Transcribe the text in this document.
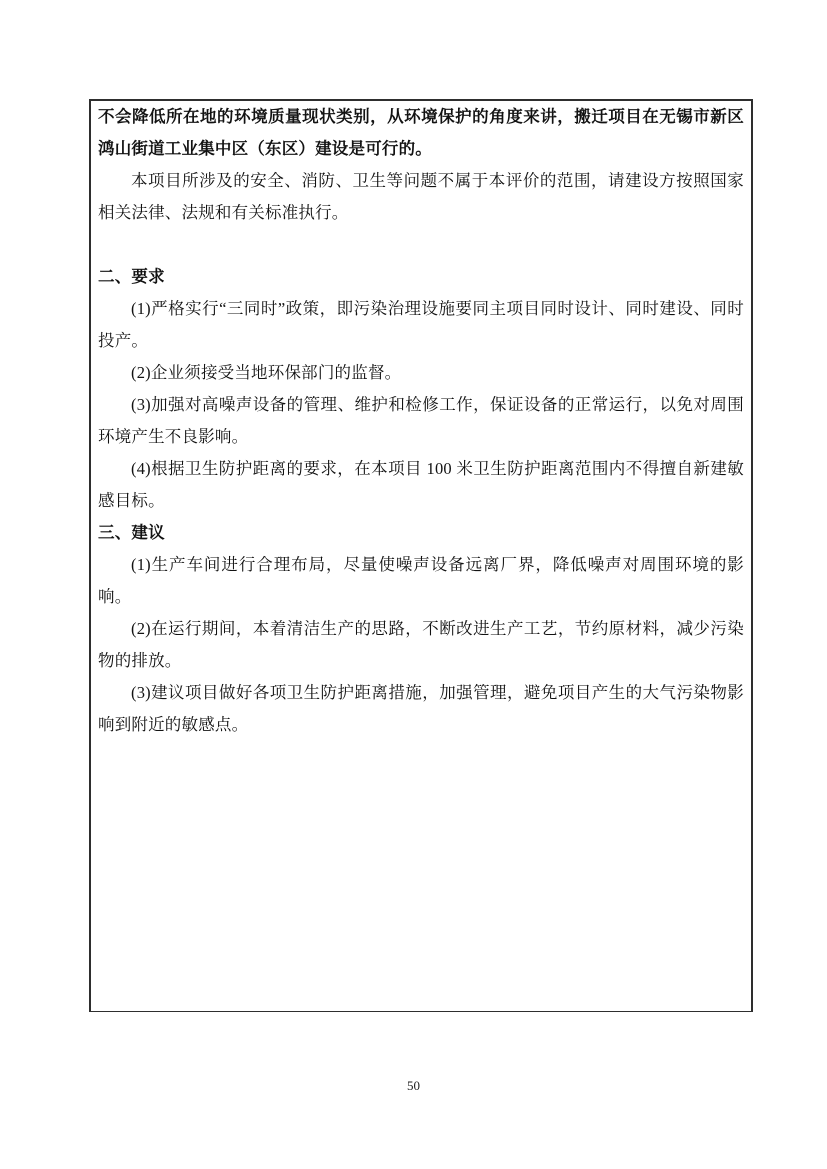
不会降低所在地的环境质量现状类别，从环境保护的角度来讲，搬迁项目在无锡市新区鸿山街道工业集中区（东区）建设是可行的。

本项目所涉及的安全、消防、卫生等问题不属于本评价的范围，请建设方按照国家相关法律、法规和有关标准执行。

二、要求

(1)严格实行“三同时”政策，即污染治理设施要同主项目同时设计、同时建设、同时投产。

(2)企业须接受当地环保部门的监督。

(3)加强对高噪声设备的管理、维护和检修工作，保证设备的正常运行，以免对周围环境产生不良影响。

(4)根据卫生防护距离的要求，在本项目 100 米卫生防护距离范围内不得擅自新建敏感目标。

三、建议

(1)生产车间进行合理布局，尽量使噪声设备远离厂界，降低噪声对周围环境的影响。

(2)在运行期间，本着清洁生产的思路，不断改进生产工艺，节约原材料，减少污染物的排放。

(3)建议项目做好各项卫生防护距离措施，加强管理，避免项目产生的大气污染物影响到附近的敏感点。

50
